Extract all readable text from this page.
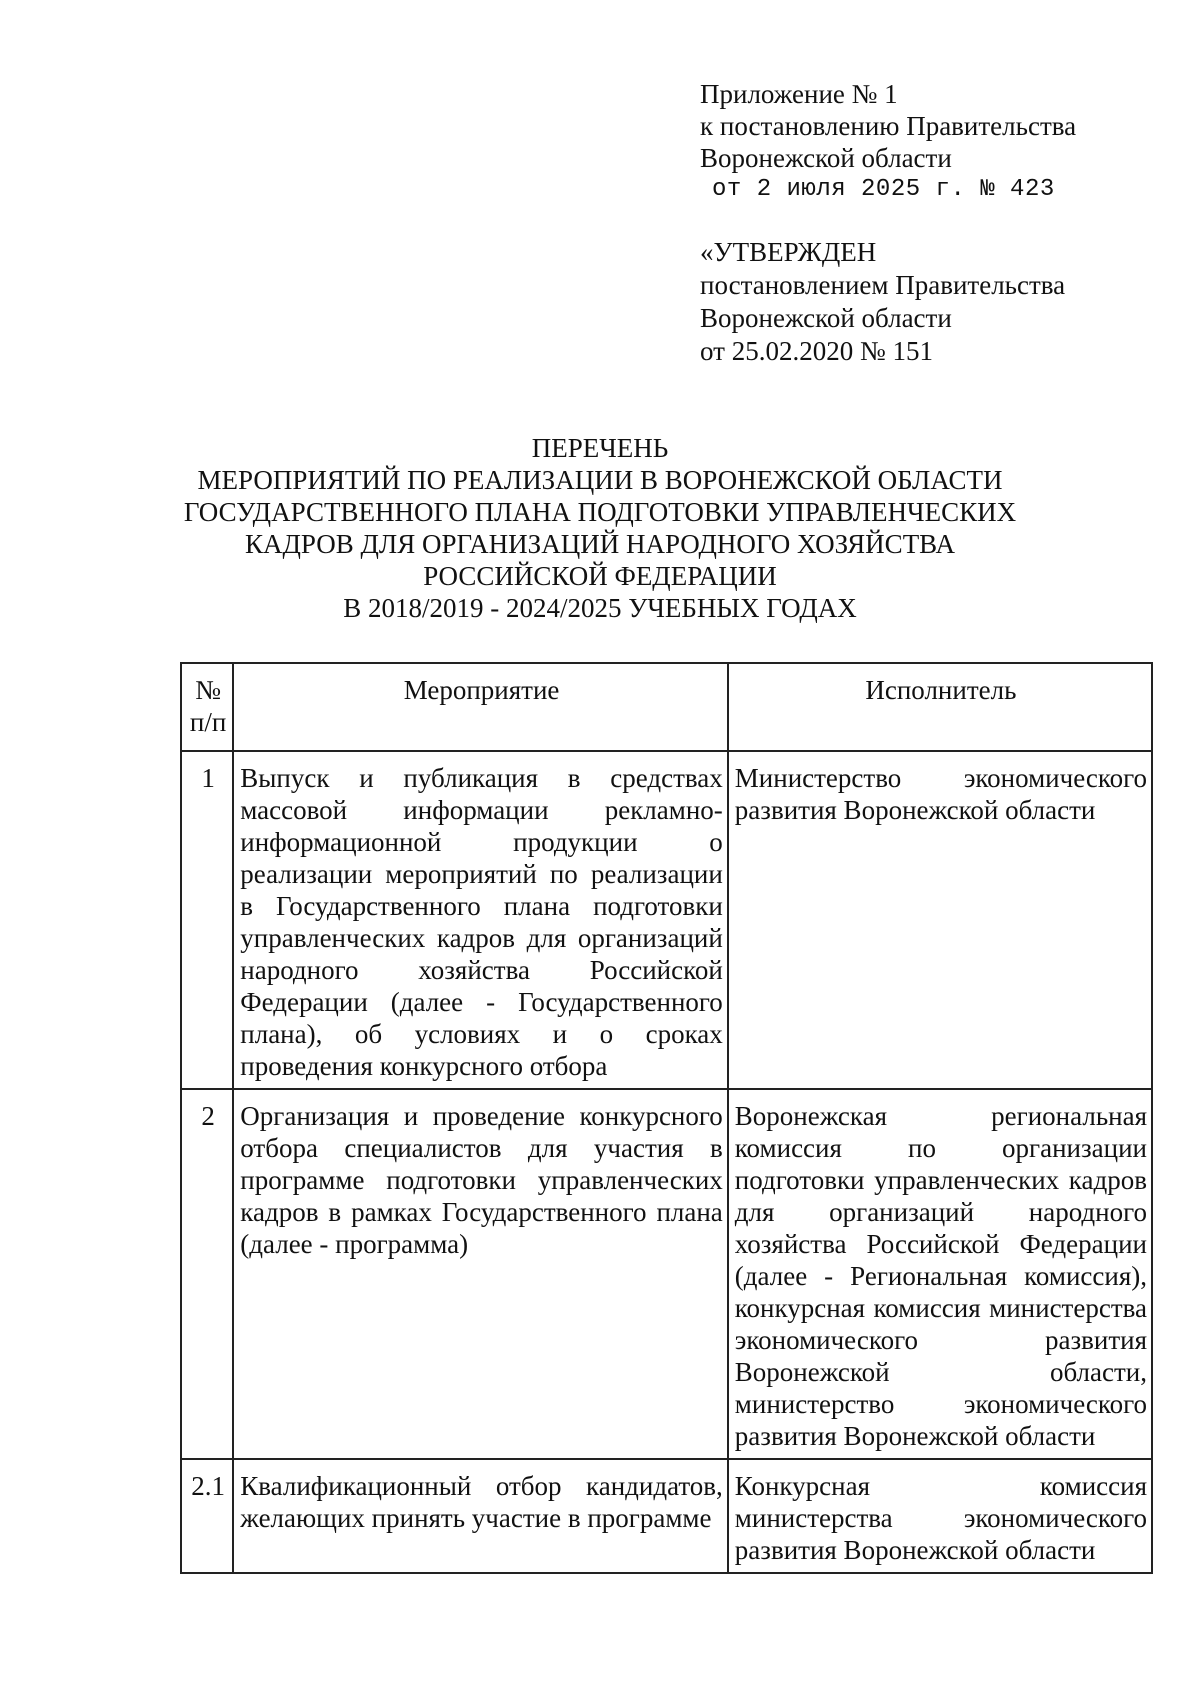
Приложение № 1
к постановлению Правительства
Воронежской области
от 2 июля 2025 г. № 423
«УТВЕРЖДЕН
постановлением Правительства
Воронежской области
от 25.02.2020 № 151
ПЕРЕЧЕНЬ
МЕРОПРИЯТИЙ ПО РЕАЛИЗАЦИИ В ВОРОНЕЖСКОЙ ОБЛАСТИ
ГОСУДАРСТВЕННОГО ПЛАНА ПОДГОТОВКИ УПРАВЛЕНЧЕСКИХ
КАДРОВ ДЛЯ ОРГАНИЗАЦИЙ НАРОДНОГО ХОЗЯЙСТВА
РОССИЙСКОЙ ФЕДЕРАЦИИ
В 2018/2019 - 2024/2025 УЧЕБНЫХ ГОДАХ
№ п/п	Мероприятие	Исполнитель
1	Выпуск и публикация в средствах массовой информации рекламно-информационной продукции о реализации мероприятий по реализации в Государственного плана подготовки управленческих кадров для организаций народного хозяйства Российской Федерации (далее - Государственного плана), об условиях и о сроках проведения конкурсного отбора	Министерство экономического развития Воронежской области
2	Организация и проведение конкурсного отбора специалистов для участия в программе подготовки управленческих кадров в рамках Государственного плана (далее - программа)	Воронежская региональная комиссия по организации подготовки управленческих кадров для организаций народного хозяйства Российской Федерации (далее - Региональная комиссия), конкурсная комиссия министерства экономического развития Воронежской области, министерство экономического развития Воронежской области
2.1	Квалификационный отбор кандидатов, желающих принять участие в программе	Конкурсная комиссия министерства экономического развития Воронежской области
